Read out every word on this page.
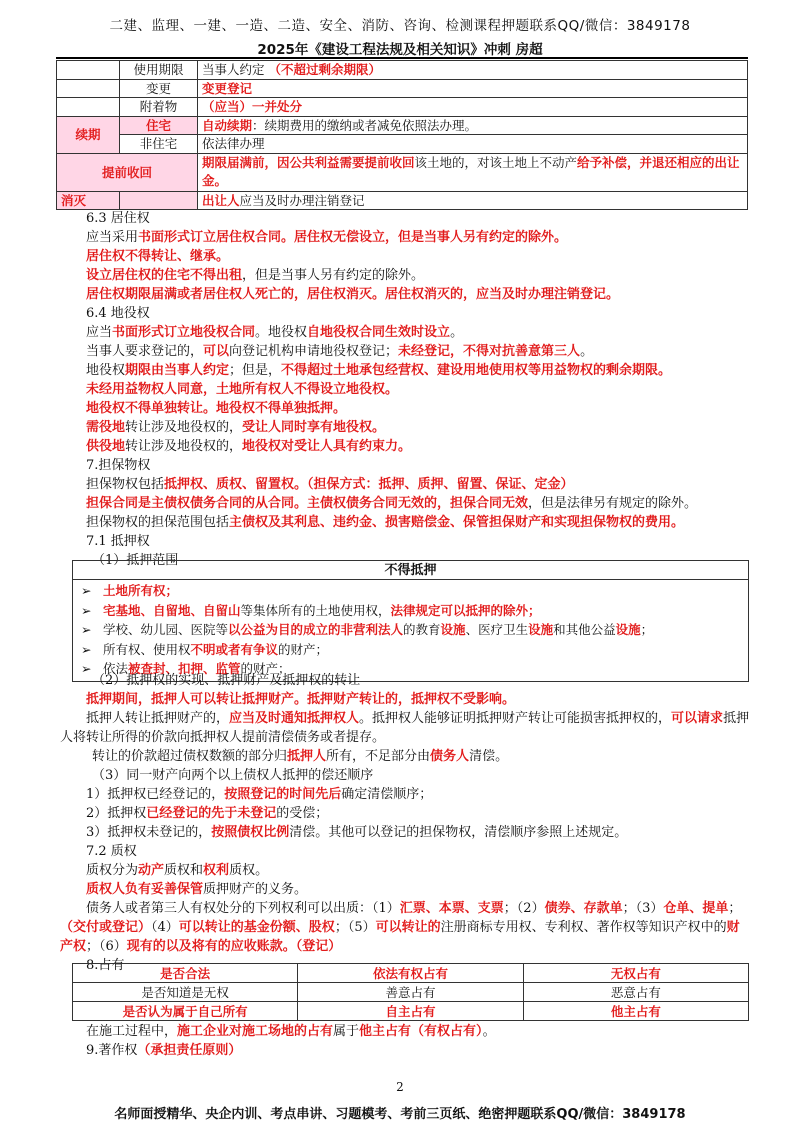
二建、监理、一建、一造、二造、安全、消防、咨询、检测课程押题联系QQ/微信：3849178
2025年《建设工程法规及相关知识》冲刺 房超
	使用期限	当事人约定 （不超过剩余期限）
	变更	变更登记
	附着物	（应当）一并处分
续期	住宅	自动续期：续期费用的缴纳或者减免依照法办理。
	非住宅	依法律办理
提前收回		期限届满前，因公共利益需要提前收回该土地的，对该土地上不动产给予补偿，并退还相应的出让金。
消灭		出让人应当及时办理注销登记

6.3 居住权

应当采用书面形式订立居住权合同。居住权无偿设立，但是当事人另有约定的除外。

居住权不得转让、继承。

设立居住权的住宅不得出租，但是当事人另有约定的除外。

居住权期限届满或者居住权人死亡的，居住权消灭。居住权消灭的，应当及时办理注销登记。

6.4 地役权

应当书面形式订立地役权合同。地役权自地役权合同生效时设立。

当事人要求登记的，可以向登记机构申请地役权登记；未经登记，不得对抗善意第三人。

地役权期限由当事人约定；但是，不得超过土地承包经营权、建设用地使用权等用益物权的剩余期限。

未经用益物权人同意，土地所有权人不得设立地役权。

地役权不得单独转让。地役权不得单独抵押。

需役地转让涉及地役权的，受让人同时享有地役权。

供役地转让涉及地役权的，地役权对受让人具有约束力。

7.担保物权

担保物权包括抵押权、质权、留置权。（担保方式：抵押、质押、留置、保证、定金）

担保合同是主债权债务合同的从合同。主债权债务合同无效的，担保合同无效，但是法律另有规定的除外。

担保物权的担保范围包括主债权及其利息、违约金、损害赔偿金、保管担保财产和实现担保物权的费用。

7.1 抵押权

（1）抵押范围

不得抵押
➢ 土地所有权；
➢ 宅基地、自留地、自留山等集体所有的土地使用权，法律规定可以抵押的除外；
➢ 学校、幼儿园、医院等以公益为目的成立的非营利法人的教育设施、医疗卫生设施和其他公益设施；
➢ 所有权、使用权不明或者有争议的财产；
➢ 依法被查封、扣押、监管的财产；

（2）抵押权的实现、抵押财产及抵押权的转让

抵押期间，抵押人可以转让抵押财产。抵押财产转让的，抵押权不受影响。

抵押人转让抵押财产的，应当及时通知抵押权人。抵押权人能够证明抵押财产转让可能损害抵押权的，可以请求抵押人将转让所得的价款向抵押权人提前清偿债务或者提存。

转让的价款超过债权数额的部分归抵押人所有，不足部分由债务人清偿。

（3）同一财产向两个以上债权人抵押的偿还顺序

1）抵押权已经登记的，按照登记的时间先后确定清偿顺序；

2）抵押权已经登记的先于未登记的受偿；

3）抵押权未登记的，按照债权比例清偿。其他可以登记的担保物权，清偿顺序参照上述规定。

7.2 质权

质权分为动产质权和权利质权。

质权人负有妥善保管质押财产的义务。

债务人或者第三人有权处分的下列权利可以出质：（1）汇票、本票、支票；（2）债券、存款单；（3）仓单、提单；（交付或登记）（4）可以转让的基金份额、股权；（5）可以转让的注册商标专用权、专利权、著作权等知识产权中的财产权；（6）现有的以及将有的应收账款。（登记）

8.占有

是否合法	依法有权占有	无权占有
是否知道是无权	善意占有	恶意占有
是否认为属于自己所有	自主占有	他主占有

在施工过程中，施工企业对施工场地的占有属于他主占有（有权占有）。

9.著作权（承担责任原则）

2
名师面授精华、央企内训、考点串讲、习题模考、考前三页纸、绝密押题联系QQ/微信：3849178
